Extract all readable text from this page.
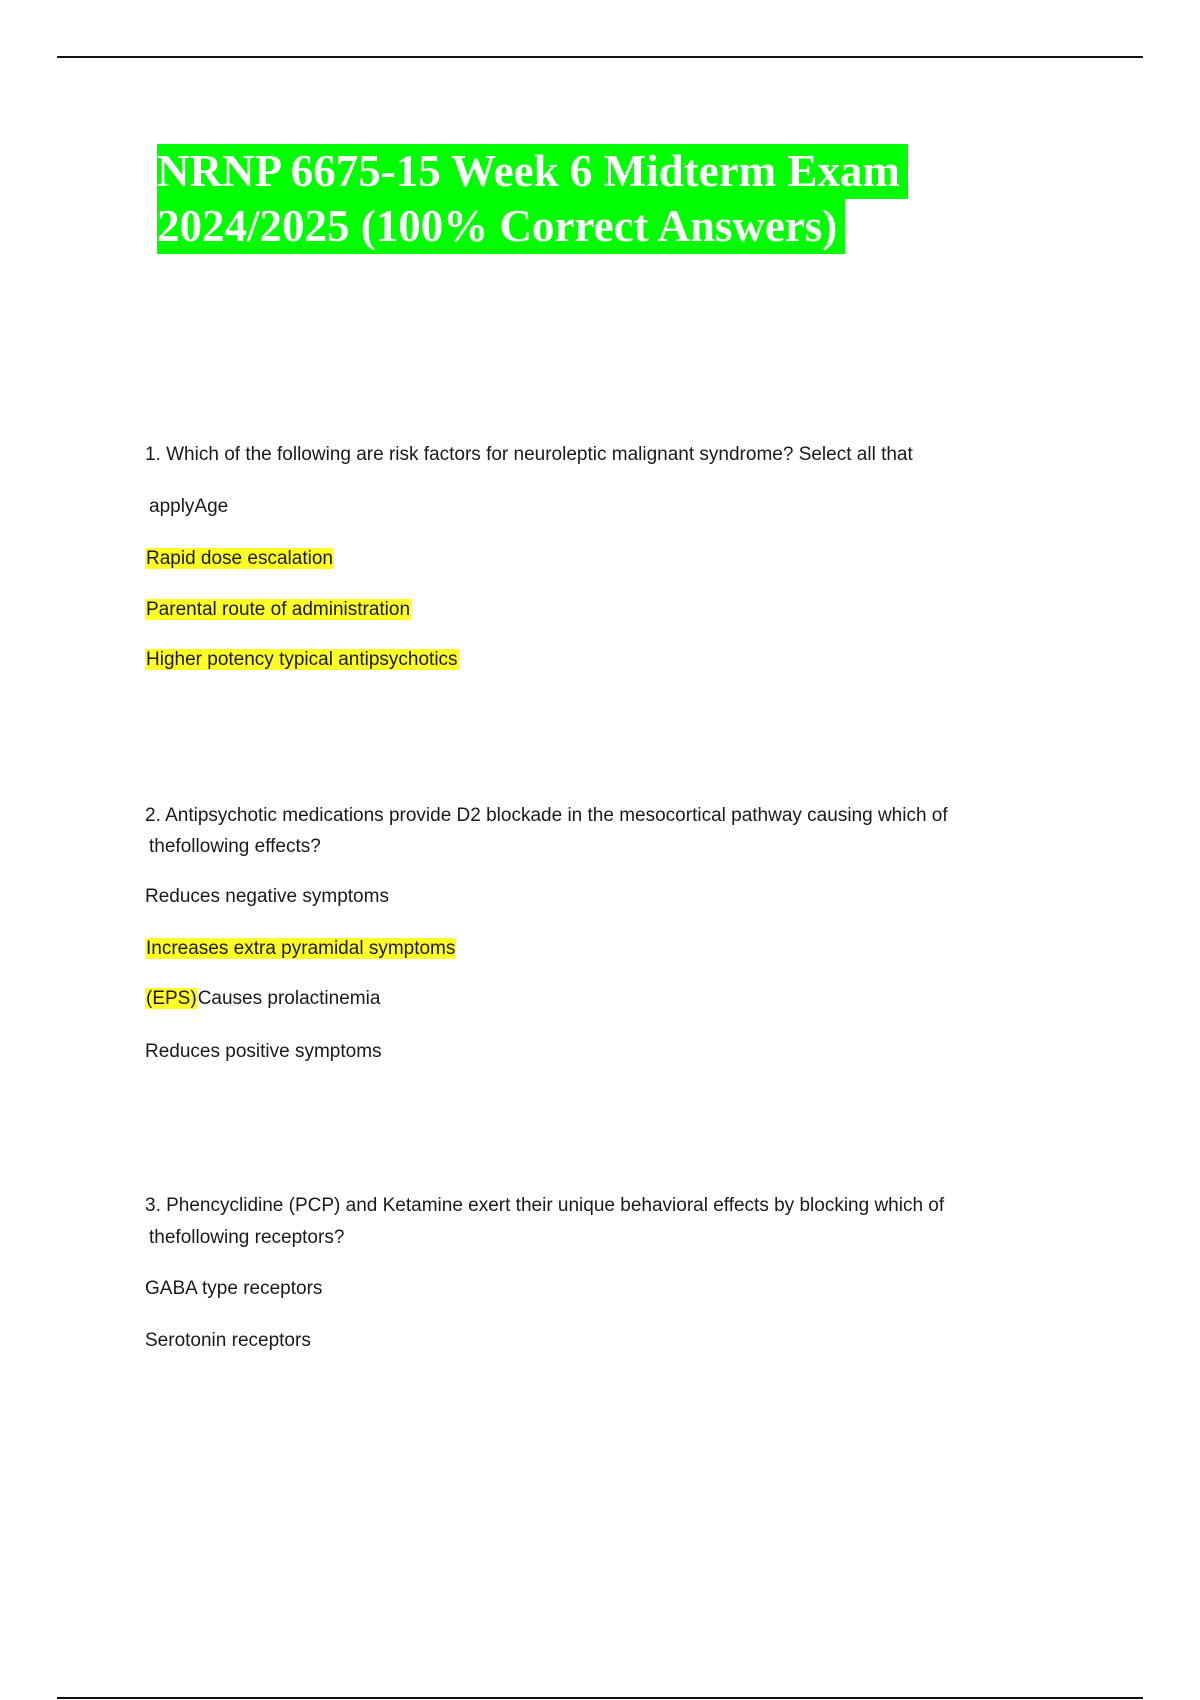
NRNP 6675-15 Week 6 Midterm Exam
2024/2025 (100% Correct Answers)
1. Which of the following are risk factors for neuroleptic malignant syndrome? Select all that
applyAge
Rapid dose escalation
Parental route of administration
Higher potency typical antipsychotics
2. Antipsychotic medications provide D2 blockade in the mesocortical pathway causing which of
thefollowing effects?
Reduces negative symptoms
Increases extra pyramidal symptoms
(EPS)Causes prolactinemia
Reduces positive symptoms
3. Phencyclidine (PCP) and Ketamine exert their unique behavioral effects by blocking which of
thefollowing receptors?
GABA type receptors
Serotonin receptors
